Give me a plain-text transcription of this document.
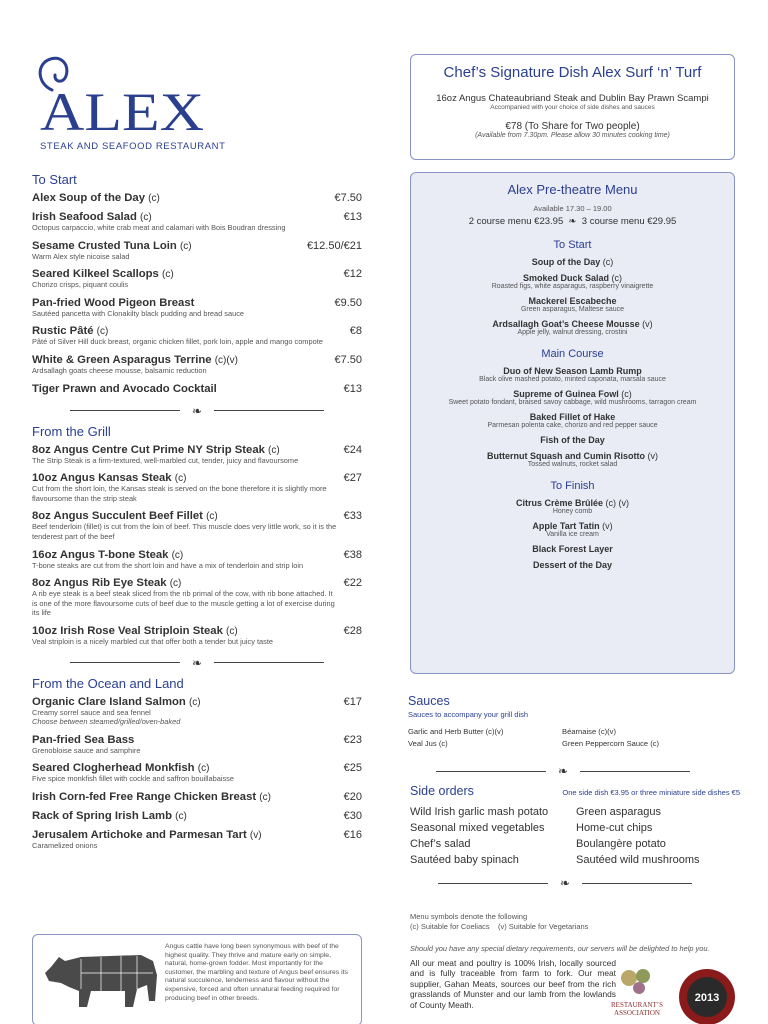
ALEX
STEAK AND SEAFOOD RESTAURANT
To Start
Alex Soup of the Day (c)	€7.50
Irish Seafood Salad (c)	€13
Octopus carpaccio, white crab meat and calamari with Bois Boudran dressing
Sesame Crusted Tuna Loin (c)	€12.50/€21
Warm Alex style nicoise salad
Seared Kilkeel Scallops (c)	€12
Chorizo crisps, piquant coulis
Pan-fried Wood Pigeon Breast	€9.50
Sautéed pancetta with Clonakilty black pudding and bread sauce
Rustic Pâté (c)	€8
Pâté of Silver Hill duck breast, organic chicken fillet, pork loin, apple and mango compote
White & Green Asparagus Terrine (c)(v)	€7.50
Ardsallagh goats cheese mousse, balsamic reduction
Tiger Prawn and Avocado Cocktail	€13
❧
From the Grill
8oz Angus Centre Cut Prime NY Strip Steak (c)	€24
The Strip Steak is a firm-textured, well-marbled cut, tender, juicy and flavoursome
10oz Angus Kansas Steak (c)	€27
Cut from the short loin, the Kansas steak is served on the bone therefore it is slightly more flavoursome than the strip steak
8oz Angus Succulent Beef Fillet (c)	€33
Beef tenderloin (fillet) is cut from the loin of beef. This muscle does very little work, so it is the tenderest part of the beef
16oz Angus T-bone Steak (c)	€38
T-bone steaks are cut from the short loin and have a mix of tenderloin and strip loin
8oz Angus Rib Eye Steak (c)	€22
A rib eye steak is a beef steak sliced from the rib primal of the cow, with rib bone attached. It is one of the more flavoursome cuts of beef due to the muscle getting a lot of exercise during its life
10oz Irish Rose Veal Striploin Steak (c)	€28
Veal striploin is a nicely marbled cut that offer both a tender but juicy taste
❧
From the Ocean and Land
Organic Clare Island Salmon (c)	€17
Creamy sorrel sauce and sea fennel
Choose between steamed/grilled/oven-baked
Pan-fried Sea Bass	€23
Grenobloise sauce and samphire
Seared Clogherhead Monkfish (c)	€25
Five spice monkfish fillet with cockle and saffron bouillabaisse
Irish Corn-fed Free Range Chicken Breast (c)	€20
Rack of Spring Irish Lamb (c)	€30
Jerusalem Artichoke and Parmesan Tart (v)	€16
Caramelized onions
Angus cattle have long been synonymous with beef of the highest quality. They thrive and mature early on simple, natural, home-grown fodder. Most importantly for the customer, the marbling and texture of Angus beef ensures its natural succulence, tenderness and flavour without the expensive, forced and often unnatural feeding required for producing beef in other breeds.
Chef’s Signature Dish Alex Surf ‘n’ Turf
16oz Angus Chateaubriand Steak and Dublin Bay Prawn Scampi
Accompanied with your choice of side dishes and sauces
€78 (To Share for Two people)
(Available from 7.30pm. Please allow 30 minutes cooking time)
Alex Pre-theatre Menu
Available 17.30 – 19.00
2 course menu €23.95  ❧  3 course menu €29.95
To Start
Soup of the Day (c)
Smoked Duck Salad (c)
Roasted figs, white asparagus, raspberry vinaigrette
Mackerel Escabeche
Green asparagus, Maltese sauce
Ardsallagh Goat’s Cheese Mousse (v)
Apple jelly, walnut dressing, crostini
Main Course
Duo of New Season Lamb Rump
Black olive mashed potato, minted caponata, marsala sauce
Supreme of Guinea Fowl (c)
Sweet potato fondant, braised savoy cabbage, wild mushrooms, tarragon cream
Baked Fillet of Hake
Parmesan polenta cake, chorizo and red pepper sauce
Fish of the Day
Butternut Squash and Cumin Risotto (v)
Tossed walnuts, rocket salad
To Finish
Citrus Crème Brûlée (c) (v)
Honey comb
Apple Tart Tatin (v)
Vanilla ice cream
Black Forest Layer
Dessert of the Day
Sauces
Sauces to accompany your grill dish
Garlic and Herb Butter (c)(v)	Béarnaise (c)(v)
Veal Jus (c)	Green Peppercorn Sauce (c)
❧
Side orders	One side dish €3.95 or three miniature side dishes €5
Wild Irish garlic mash potato	Green asparagus
Seasonal mixed vegetables	Home-cut chips
Chef’s salad	Boulangère potato
Sautéed baby spinach	Sautéed wild mushrooms
❧
Menu symbols denote the following
(c) Suitable for Coeliacs (v) Suitable for Vegetarians
Should you have any special dietary requirements, our servers will be delighted to help you.
All our meat and poultry is 100% Irish, locally sourced and is fully traceable from farm to fork. Our meat supplier, Gahan Meats, sources our beef from the rich grasslands of Munster and our lamb from the lowlands of County Meath.	RESTAURANT’S
ASSOCIATION
2013
